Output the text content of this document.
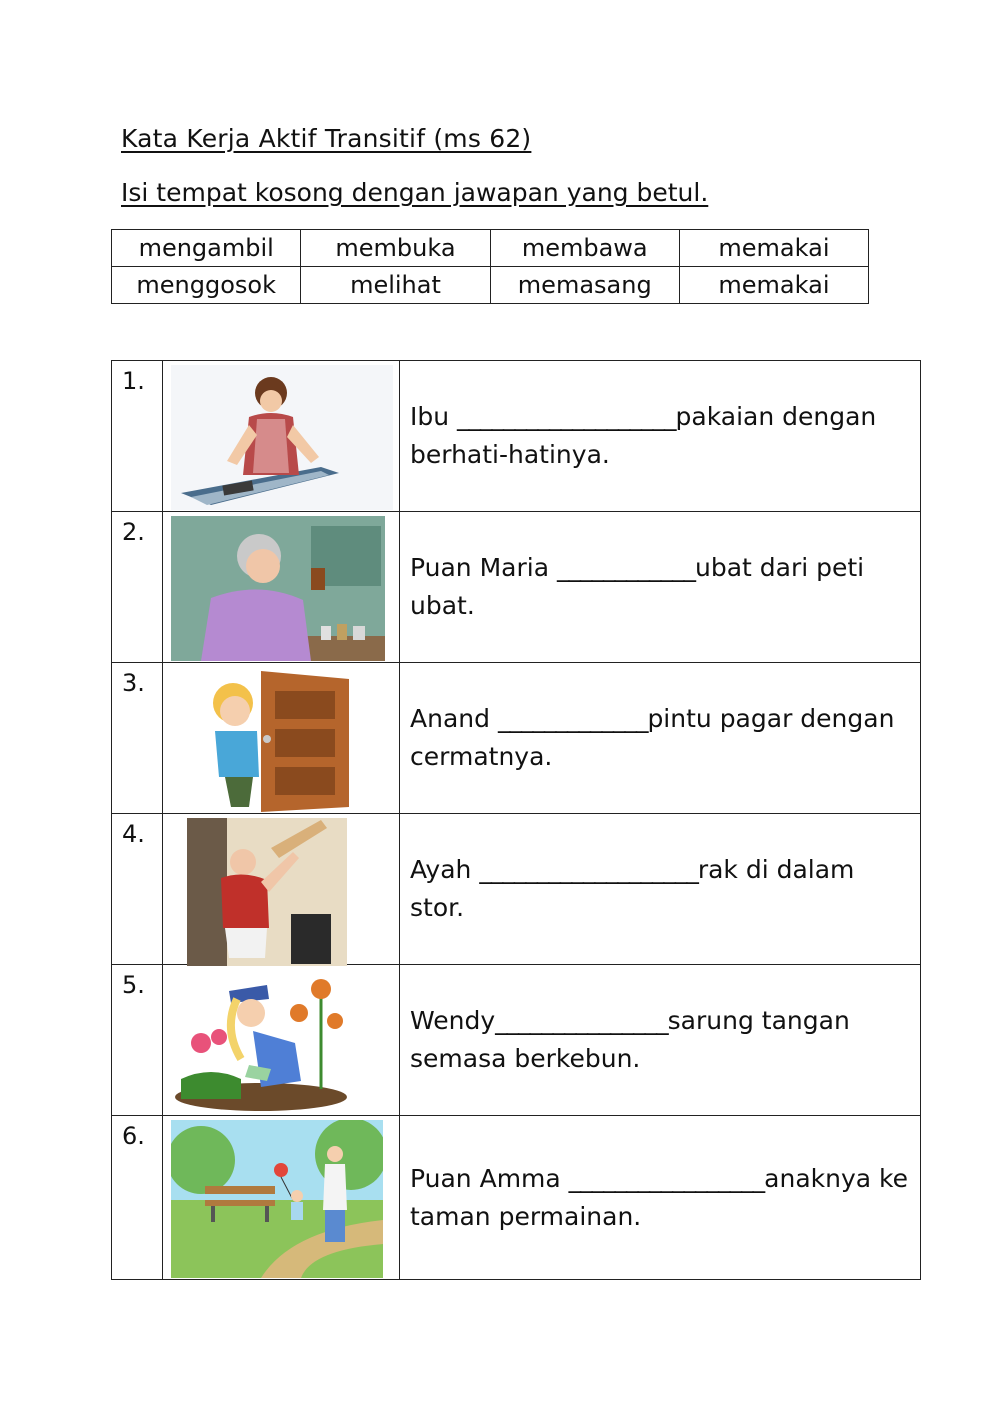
Kata Kerja Aktif Transitif (ms 62)
Isi tempat kosong dengan jawapan yang betul.
mengambil	membuka	membawa	memakai
menggosok	melihat	memasang	memakai
1.		Ibu ___________________pakaian dengan berhati-hatinya.
2.		Puan Maria ____________ubat dari peti ubat.
3.		Anand _____________pintu pagar dengan cermatnya.
4.		Ayah ___________________rak di dalam stor.
5.		Wendy_______________sarung tangan semasa berkebun.
6.		Puan Amma _________________anaknya ke taman permainan.
